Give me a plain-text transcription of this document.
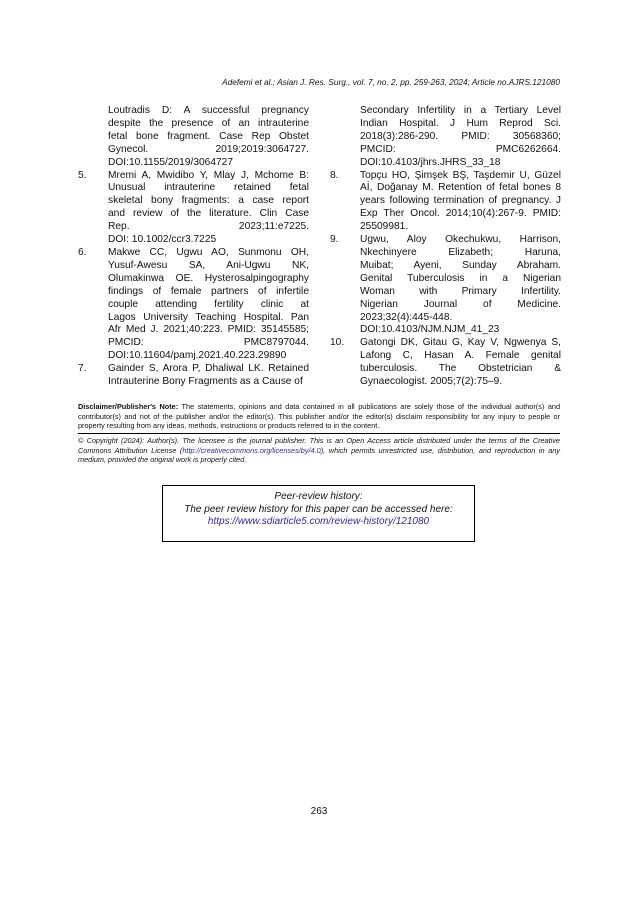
Adefemi et al.; Asian J. Res. Surg., vol. 7, no. 2, pp. 259-263, 2024; Article no.AJRS.121080
Loutradis D: A successful pregnancy
despite the presence of an intrauterine
fetal bone fragment. Case Rep Obstet
Gynecol. 2019;2019:3064727.
DOI:10.1155/2019/3064727
5. Mremi A, Mwidibo Y, Mlay J, Mchome B:
Unusual intrauterine retained fetal
skeletal bony fragments: a case report
and review of the literature. Clin Case
Rep. 2023;11:e7225.
DOI: 10.1002/ccr3.7225
6. Makwe CC, Ugwu AO, Sunmonu OH,
Yusuf-Awesu SA, Ani-Ugwu NK,
Olumakinwa OE. Hysterosalpingography
findings of female partners of infertile
couple attending fertility clinic at
Lagos University Teaching Hospital. Pan
Afr Med J. 2021;40:223. PMID: 35145585;
PMCID: PMC8797044.
DOI:10.11604/pamj.2021.40.223.29890
7. Gainder S, Arora P, Dhaliwal LK. Retained
Intrauterine Bony Fragments as a Cause of
Secondary Infertility in a Tertiary Level
Indian Hospital. J Hum Reprod Sci.
2018(3):286-290. PMID: 30568360;
PMCID: PMC6262664.
DOI:10.4103/jhrs.JHRS_33_18
8. Topçu HO, Şimşek BŞ, Taşdemir U, Güzel
Aİ, Doğanay M. Retention of fetal bones 8
years following termination of pregnancy. J
Exp Ther Oncol. 2014;10(4):267-9. PMID:
25509981.
9. Ugwu, Aloy Okechukwu, Harrison,
Nkechinyere Elizabeth; Haruna,
Muibat; Ayeni, Sunday Abraham.
Genital Tuberculosis in a Nigerian
Woman with Primary Infertility.
Nigerian Journal of Medicine.
2023;32(4):445-448.
DOI:10.4103/NJM.NJM_41_23
10. Gatongi DK, Gitau G, Kay V, Ngwenya S,
Lafong C, Hasan A. Female genital
tuberculosis. The Obstetrician &
Gynaecologist. 2005;7(2):75–9.
Disclaimer/Publisher's Note: The statements, opinions and data contained in all publications are solely those of the individual author(s) and contributor(s) and not of the publisher and/or the editor(s). This publisher and/or the editor(s) disclaim responsibility for any injury to people or property resulting from any ideas, methods, instructions or products referred to in the content.
© Copyright (2024): Author(s). The licensee is the journal publisher. This is an Open Access article distributed under the terms of the Creative Commons Attribution License (http://creativecommons.org/licenses/by/4.0), which permits unrestricted use, distribution, and reproduction in any medium, provided the original work is properly cited.
Peer-review history:
The peer review history for this paper can be accessed here:
https://www.sdiarticle5.com/review-history/121080
263
